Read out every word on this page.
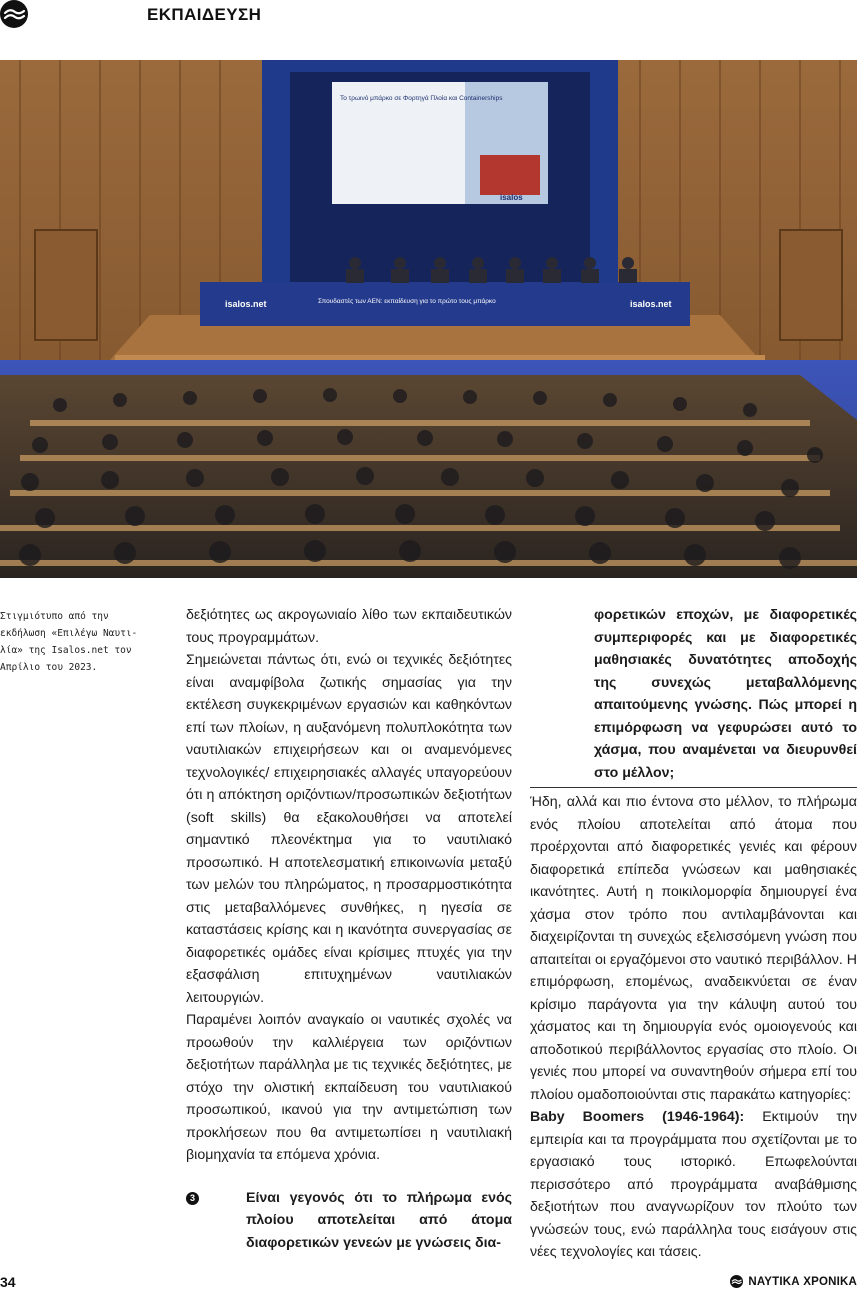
ΕΚΠΑΙΔΕΥΣΗ
Το τρωινό μπάρκο σε Φορτηγά Πλοία και Containerships
isalos
isalos.net	Σπουδαστές των ΑΕΝ: εκπαίδευση για το πρώτο τους μπάρκο	isalos.net

Στιγμιότυπο από την
εκδήλωση «Επιλέγω Ναυτι-
λία» της Isalos.net τον
Απρίλιο του 2023.

δεξιότητες ως ακρογωνιαίο λίθο των εκπαιδευτικών τους προγραμμάτων.

Σημειώνεται πάντως ότι, ενώ οι τεχνικές δεξιότητες είναι αναμφίβολα ζωτικής σημασίας για την εκτέλεση συγκεκριμένων εργασιών και καθηκόντων επί των πλοίων, η αυξανόμενη πολυπλοκότητα των ναυτιλιακών επιχειρήσεων και οι αναμενόμενες τεχνολογικές/ επιχειρησιακές αλλαγές υπαγορεύουν ότι η απόκτηση οριζόντιων/προσωπικών δεξιοτήτων (soft skills) θα εξακολουθήσει να αποτελεί σημαντικό πλεονέκτημα για το ναυτιλιακό προσωπικό. Η αποτελεσματική επικοινωνία μεταξύ των μελών του πληρώματος, η προσαρμοστικότητα στις μεταβαλλόμενες συνθήκες, η ηγεσία σε καταστάσεις κρίσης και η ικανότητα συνεργασίας σε διαφορετικές ομάδες είναι κρίσιμες πτυχές για την εξασφάλιση επιτυχημένων ναυτιλιακών λειτουργιών.

Παραμένει λοιπόν αναγκαίο οι ναυτικές σχολές να προωθούν την καλλιέργεια των οριζόντιων δεξιοτήτων παράλληλα με τις τεχνικές δεξιότητες, με στόχο την ολιστική εκπαίδευση του ναυτιλιακού προσωπικού, ικανού για την αντιμετώπιση των προκλήσεων που θα αντιμετωπίσει η ναυτιλιακή βιομηχανία τα επόμενα χρόνια.

3	Είναι γεγονός ότι το πλήρωμα ενός πλοίου αποτελείται από άτομα διαφορετικών γενεών με γνώσεις δια-

φορετικών εποχών, με διαφορετικές συμπεριφορές και με διαφορετικές μαθησιακές δυνατότητες αποδοχής της συνεχώς μεταβαλλόμενης απαιτούμενης γνώσης. Πώς μπορεί η επιμόρφωση να γεφυρώσει αυτό το χάσμα, που αναμένεται να διευρυνθεί στο μέλλον;

Ήδη, αλλά και πιο έντονα στο μέλλον, το πλήρωμα ενός πλοίου αποτελείται από άτομα που προέρχονται από διαφορετικές γενιές και φέρουν διαφορετικά επίπεδα γνώσεων και μαθησιακές ικανότητες. Αυτή η ποικιλομορφία δημιουργεί ένα χάσμα στον τρόπο που αντιλαμβάνονται και διαχειρίζονται τη συνεχώς εξελισσόμενη γνώση που απαιτείται οι εργαζόμενοι στο ναυτικό περιβάλλον. Η επιμόρφωση, επομένως, αναδεικνύεται σε έναν κρίσιμο παράγοντα για την κάλυψη αυτού του χάσματος και τη δημιουργία ενός ομοιογενούς και αποδοτικού περιβάλλοντος εργασίας στο πλοίο. Οι γενιές που μπορεί να συναντηθούν σήμερα επί του πλοίου ομαδοποιούνται στις παρακάτω κατηγορίες:

Baby Boomers (1946-1964): Εκτιμούν την εμπειρία και τα προγράμματα που σχετίζονται με το εργασιακό τους ιστορικό. Επωφελούνται περισσότερο από προγράμματα αναβάθμισης δεξιοτήτων που αναγνωρίζουν τον πλούτο των γνώσεών τους, ενώ παράλληλα τους εισάγουν στις νέες τεχνολογίες και τάσεις.

34	ΝΑΥΤΙΚΑ ΧΡΟΝΙΚΑ
